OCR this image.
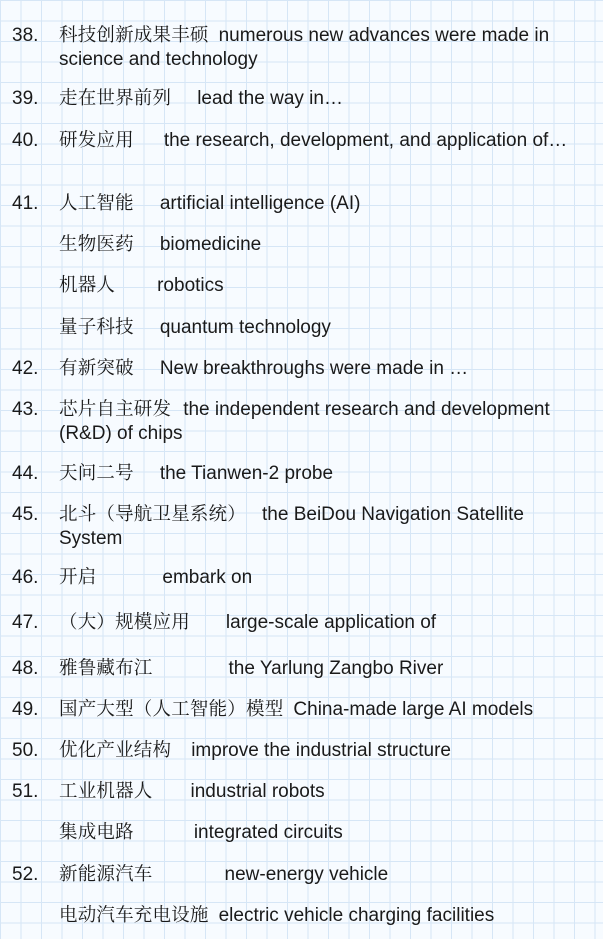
38.	科技创新成果丰硕 numerous new advances were made in science and technology
39.	走在世界前列 lead the way in…
40.	研发应用 the research, development, and application of…
41.	人工智能 artificial intelligence (AI)
生物医药 biomedicine
机器人 robotics
量子科技 quantum technology
42.	有新突破 New breakthroughs were made in …
43.	芯片自主研发 the independent research and development (R&D) of chips
44.	天问二号 the Tianwen-2 probe
45.	北斗（导航卫星系统） the BeiDou Navigation Satellite System
46.	开启	embark on
47.	（大）规模应用 large-scale application of
48.	雅鲁藏布江	the Yarlung Zangbo River
49.	国产大型（人工智能）模型 China-made large AI models
50.	优化产业结构 improve the industrial structure
51.	工业机器人 industrial robots
集成电路	integrated circuits
52.	新能源汽车	new-energy vehicle
电动汽车充电设施 electric vehicle charging facilities
